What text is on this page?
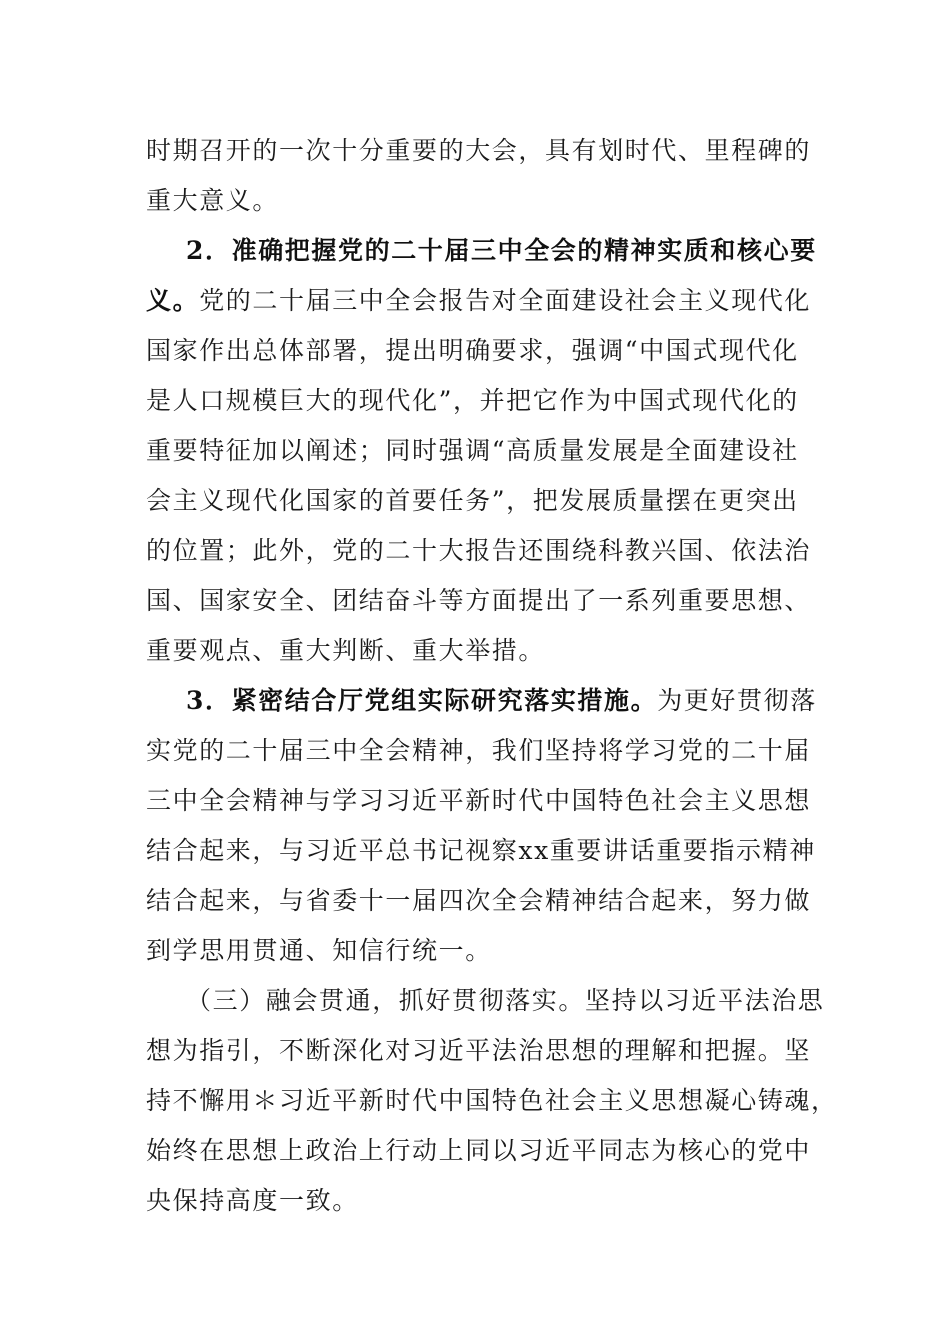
时期召开的一次十分重要的大会，具有划时代、里程碑的

重大意义。

2．准确把握党的二十届三中全会的精神实质和核心要

义。党的二十届三中全会报告对全面建设社会主义现代化

国家作出总体部署，提出明确要求，强调“中国式现代化

是人口规模巨大的现代化”，并把它作为中国式现代化的

重要特征加以阐述；同时强调“高质量发展是全面建设社

会主义现代化国家的首要任务”，把发展质量摆在更突出

的位置；此外，党的二十大报告还围绕科教兴国、依法治

国、国家安全、团结奋斗等方面提出了一系列重要思想、

重要观点、重大判断、重大举措。

3．紧密结合厅党组实际研究落实措施。为更好贯彻落

实党的二十届三中全会精神，我们坚持将学习党的二十届

三中全会精神与学习习近平新时代中国特色社会主义思想

结合起来，与习近平总书记视察xx重要讲话重要指示精神

结合起来，与省委十一届四次全会精神结合起来，努力做

到学思用贯通、知信行统一。

（三）融会贯通，抓好贯彻落实。坚持以习近平法治思

想为指引，不断深化对习近平法治思想的理解和把握。坚

持不懈用＊习近平新时代中国特色社会主义思想凝心铸魂，

始终在思想上政治上行动上同以习近平同志为核心的党中

央保持高度一致。
